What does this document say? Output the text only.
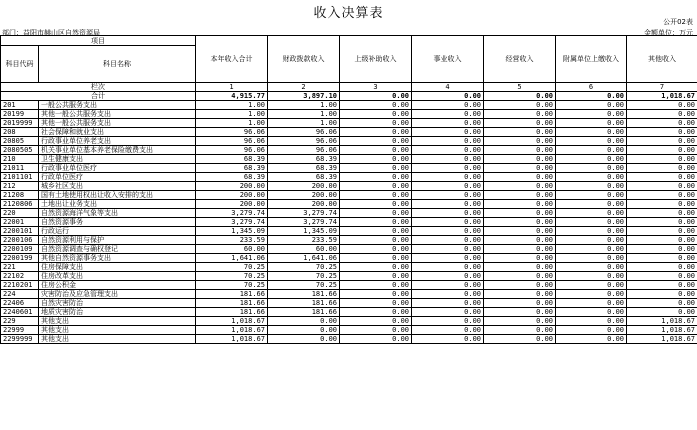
收入决算表
公开02表
部门：益阳市赫山区自然资源局	金额单位：万元
项目		本年收入合计	财政拨款收入	上级补助收入	事业收入	经营收入	附属单位上缴收入	其他收入
科目代码	科目名称							
栏次		1	2	3	4	5	6	7
合计		4,915.77	3,897.10	0.00	0.00	0.00	0.00	1,018.67
201	一般公共服务支出	1.00	1.00	0.00	0.00	0.00	0.00	0.00
20199	其他一般公共服务支出	1.00	1.00	0.00	0.00	0.00	0.00	0.00
2019999	其他一般公共服务支出	1.00	1.00	0.00	0.00	0.00	0.00	0.00
208	社会保障和就业支出	96.06	96.06	0.00	0.00	0.00	0.00	0.00
20805	行政事业单位养老支出	96.06	96.06	0.00	0.00	0.00	0.00	0.00
2080505	机关事业单位基本养老保险缴费支出	96.06	96.06	0.00	0.00	0.00	0.00	0.00
210	卫生健康支出	68.39	68.39	0.00	0.00	0.00	0.00	0.00
21011	行政事业单位医疗	68.39	68.39	0.00	0.00	0.00	0.00	0.00
2101101	行政单位医疗	68.39	68.39	0.00	0.00	0.00	0.00	0.00
212	城乡社区支出	200.00	200.00	0.00	0.00	0.00	0.00	0.00
21208	国有土地使用权出让收入安排的支出	200.00	200.00	0.00	0.00	0.00	0.00	0.00
2120806	土地出让业务支出	200.00	200.00	0.00	0.00	0.00	0.00	0.00
220	自然资源海洋气象等支出	3,279.74	3,279.74	0.00	0.00	0.00	0.00	0.00
22001	自然资源事务	3,279.74	3,279.74	0.00	0.00	0.00	0.00	0.00
2200101	行政运行	1,345.09	1,345.09	0.00	0.00	0.00	0.00	0.00
2200106	自然资源利用与保护	233.59	233.59	0.00	0.00	0.00	0.00	0.00
2200109	自然资源调查与确权登记	60.00	60.00	0.00	0.00	0.00	0.00	0.00
2200199	其他自然资源事务支出	1,641.06	1,641.06	0.00	0.00	0.00	0.00	0.00
221	住房保障支出	70.25	70.25	0.00	0.00	0.00	0.00	0.00
22102	住房改革支出	70.25	70.25	0.00	0.00	0.00	0.00	0.00
2210201	住房公积金	70.25	70.25	0.00	0.00	0.00	0.00	0.00
224	灾害防治及应急管理支出	181.66	181.66	0.00	0.00	0.00	0.00	0.00
22406	自然灾害防治	181.66	181.66	0.00	0.00	0.00	0.00	0.00
2240601	地质灾害防治	181.66	181.66	0.00	0.00	0.00	0.00	0.00
229	其他支出	1,018.67	0.00	0.00	0.00	0.00	0.00	1,018.67
22999	其他支出	1,018.67	0.00	0.00	0.00	0.00	0.00	1,018.67
2299999	其他支出	1,018.67	0.00	0.00	0.00	0.00	0.00	1,018.67
